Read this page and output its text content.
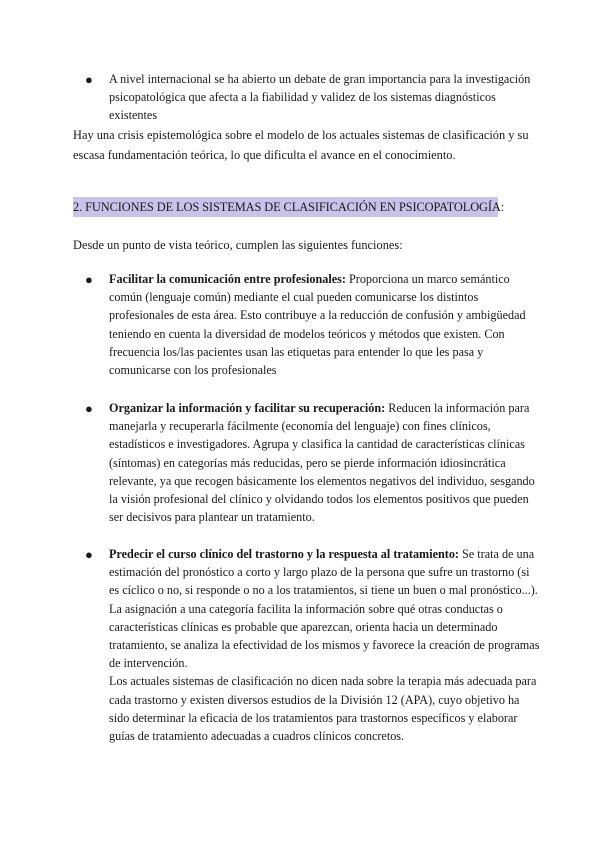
● A nivel internacional se ha abierto un debate de gran importancia para la investigación psicopatológica que afecta a la fiabilidad y validez de los sistemas diagnósticos existentes
Hay una crisis epistemológica sobre el modelo de los actuales sistemas de clasificación y su escasa fundamentación teórica, lo que dificulta el avance en el conocimiento.
2. FUNCIONES DE LOS SISTEMAS DE CLASIFICACIÓN EN PSICOPATOLOGÍA:
Desde un punto de vista teórico, cumplen las siguientes funciones:
● Facilitar la comunicación entre profesionales: Proporciona un marco semántico común (lenguaje común) mediante el cual pueden comunicarse los distintos profesionales de esta área. Esto contribuye a la reducción de confusión y ambigüedad teniendo en cuenta la diversidad de modelos teóricos y métodos que existen. Con frecuencia los/las pacientes usan las etiquetas para entender lo que les pasa y comunicarse con los profesionales
● Organizar la información y facilitar su recuperación: Reducen la información para manejarla y recuperarla fácilmente (economía del lenguaje) con fines clínicos, estadísticos e investigadores. Agrupa y clasifica la cantidad de características clínicas (síntomas) en categorías más reducidas, pero se pierde información idiosincrática relevante, ya que recogen básicamente los elementos negativos del individuo, sesgando la visión profesional del clínico y olvidando todos los elementos positivos que pueden ser decisivos para plantear un tratamiento.
● Predecir el curso clínico del trastorno y la respuesta al tratamiento: Se trata de una estimación del pronóstico a corto y largo plazo de la persona que sufre un trastorno (si es cíclico o no, si responde o no a los tratamientos, si tiene un buen o mal pronóstico...). La asignación a una categoría facilita la información sobre qué otras conductas o características clínicas es probable que aparezcan, orienta hacia un determinado tratamiento, se analiza la efectividad de los mismos y favorece la creación de programas de intervención.
Los actuales sistemas de clasificación no dicen nada sobre la terapia más adecuada para cada trastorno y existen diversos estudios de la División 12 (APA), cuyo objetivo ha sido determinar la eficacia de los tratamientos para trastornos específicos y elaborar guías de tratamiento adecuadas a cuadros clínicos concretos.
